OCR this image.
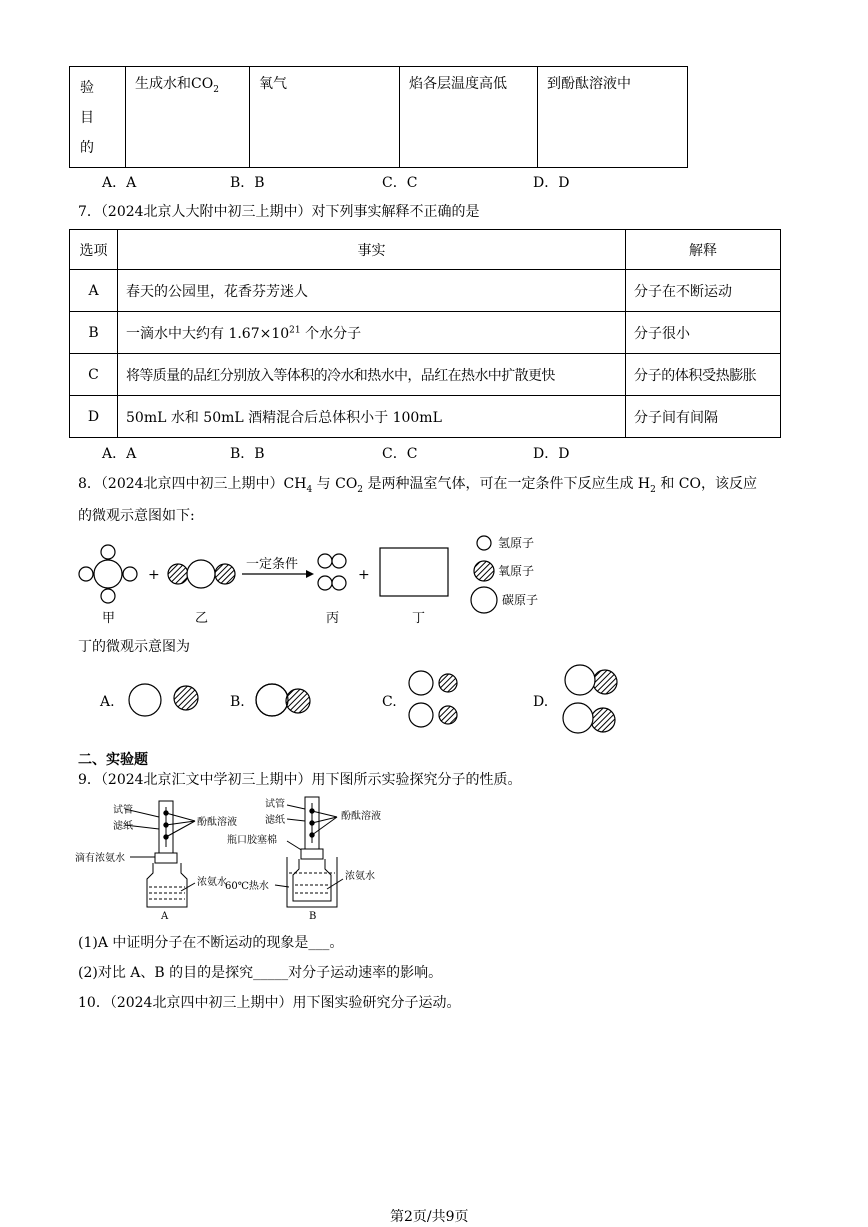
验
目
的
	生成水和$CO_2$	氧气	焰各层温度高低	到酚酞溶液中
A．A	B．B	C．C	D．D
7．（2024北京人大附中初三上期中）对下列事实解释不正确的是
选项	事实	解释
A	春天的公园里，花香芬芳迷人	分子在不断运动
B	一滴水中大约有 $1.67\times 10^{21}$ 个水分子	分子很小
C	将等质量的品红分别放入等体积的冷水和热水中，品红在热水中扩散更快	分子的体积受热膨胀
D	50mL 水和 50mL 酒精混合后总体积小于 100mL	分子间有间隔
A．A	B．B	C．C	D．D
8．（2024北京四中初三上期中）$CH_4$ 与 $CO_2$ 是两种温室气体，可在一定条件下反应生成 $H_2$ 和 CO，该反应
的微观示意图如下:
+
一定条件
+
甲	乙	丙	丁
氢原子
氧原子
碳原子
丁的微观示意图为
A.	B.	C.	D.
二、实验题
9．（2024北京汇文中学初三上期中）用下图所示实验探究分子的性质。
试管
滤纸
滴有浓氨水
酚酞溶液
浓氨水
A
试管
滤纸
瓶口胶塞棉
60℃热水
酚酞溶液
浓氨水
B
(1)A 中证明分子在不断运动的现象是___。
(2)对比 A、B 的目的是探究_____对分子运动速率的影响。
10．（2024北京四中初三上期中）用下图实验研究分子运动。
第2页/共9页
